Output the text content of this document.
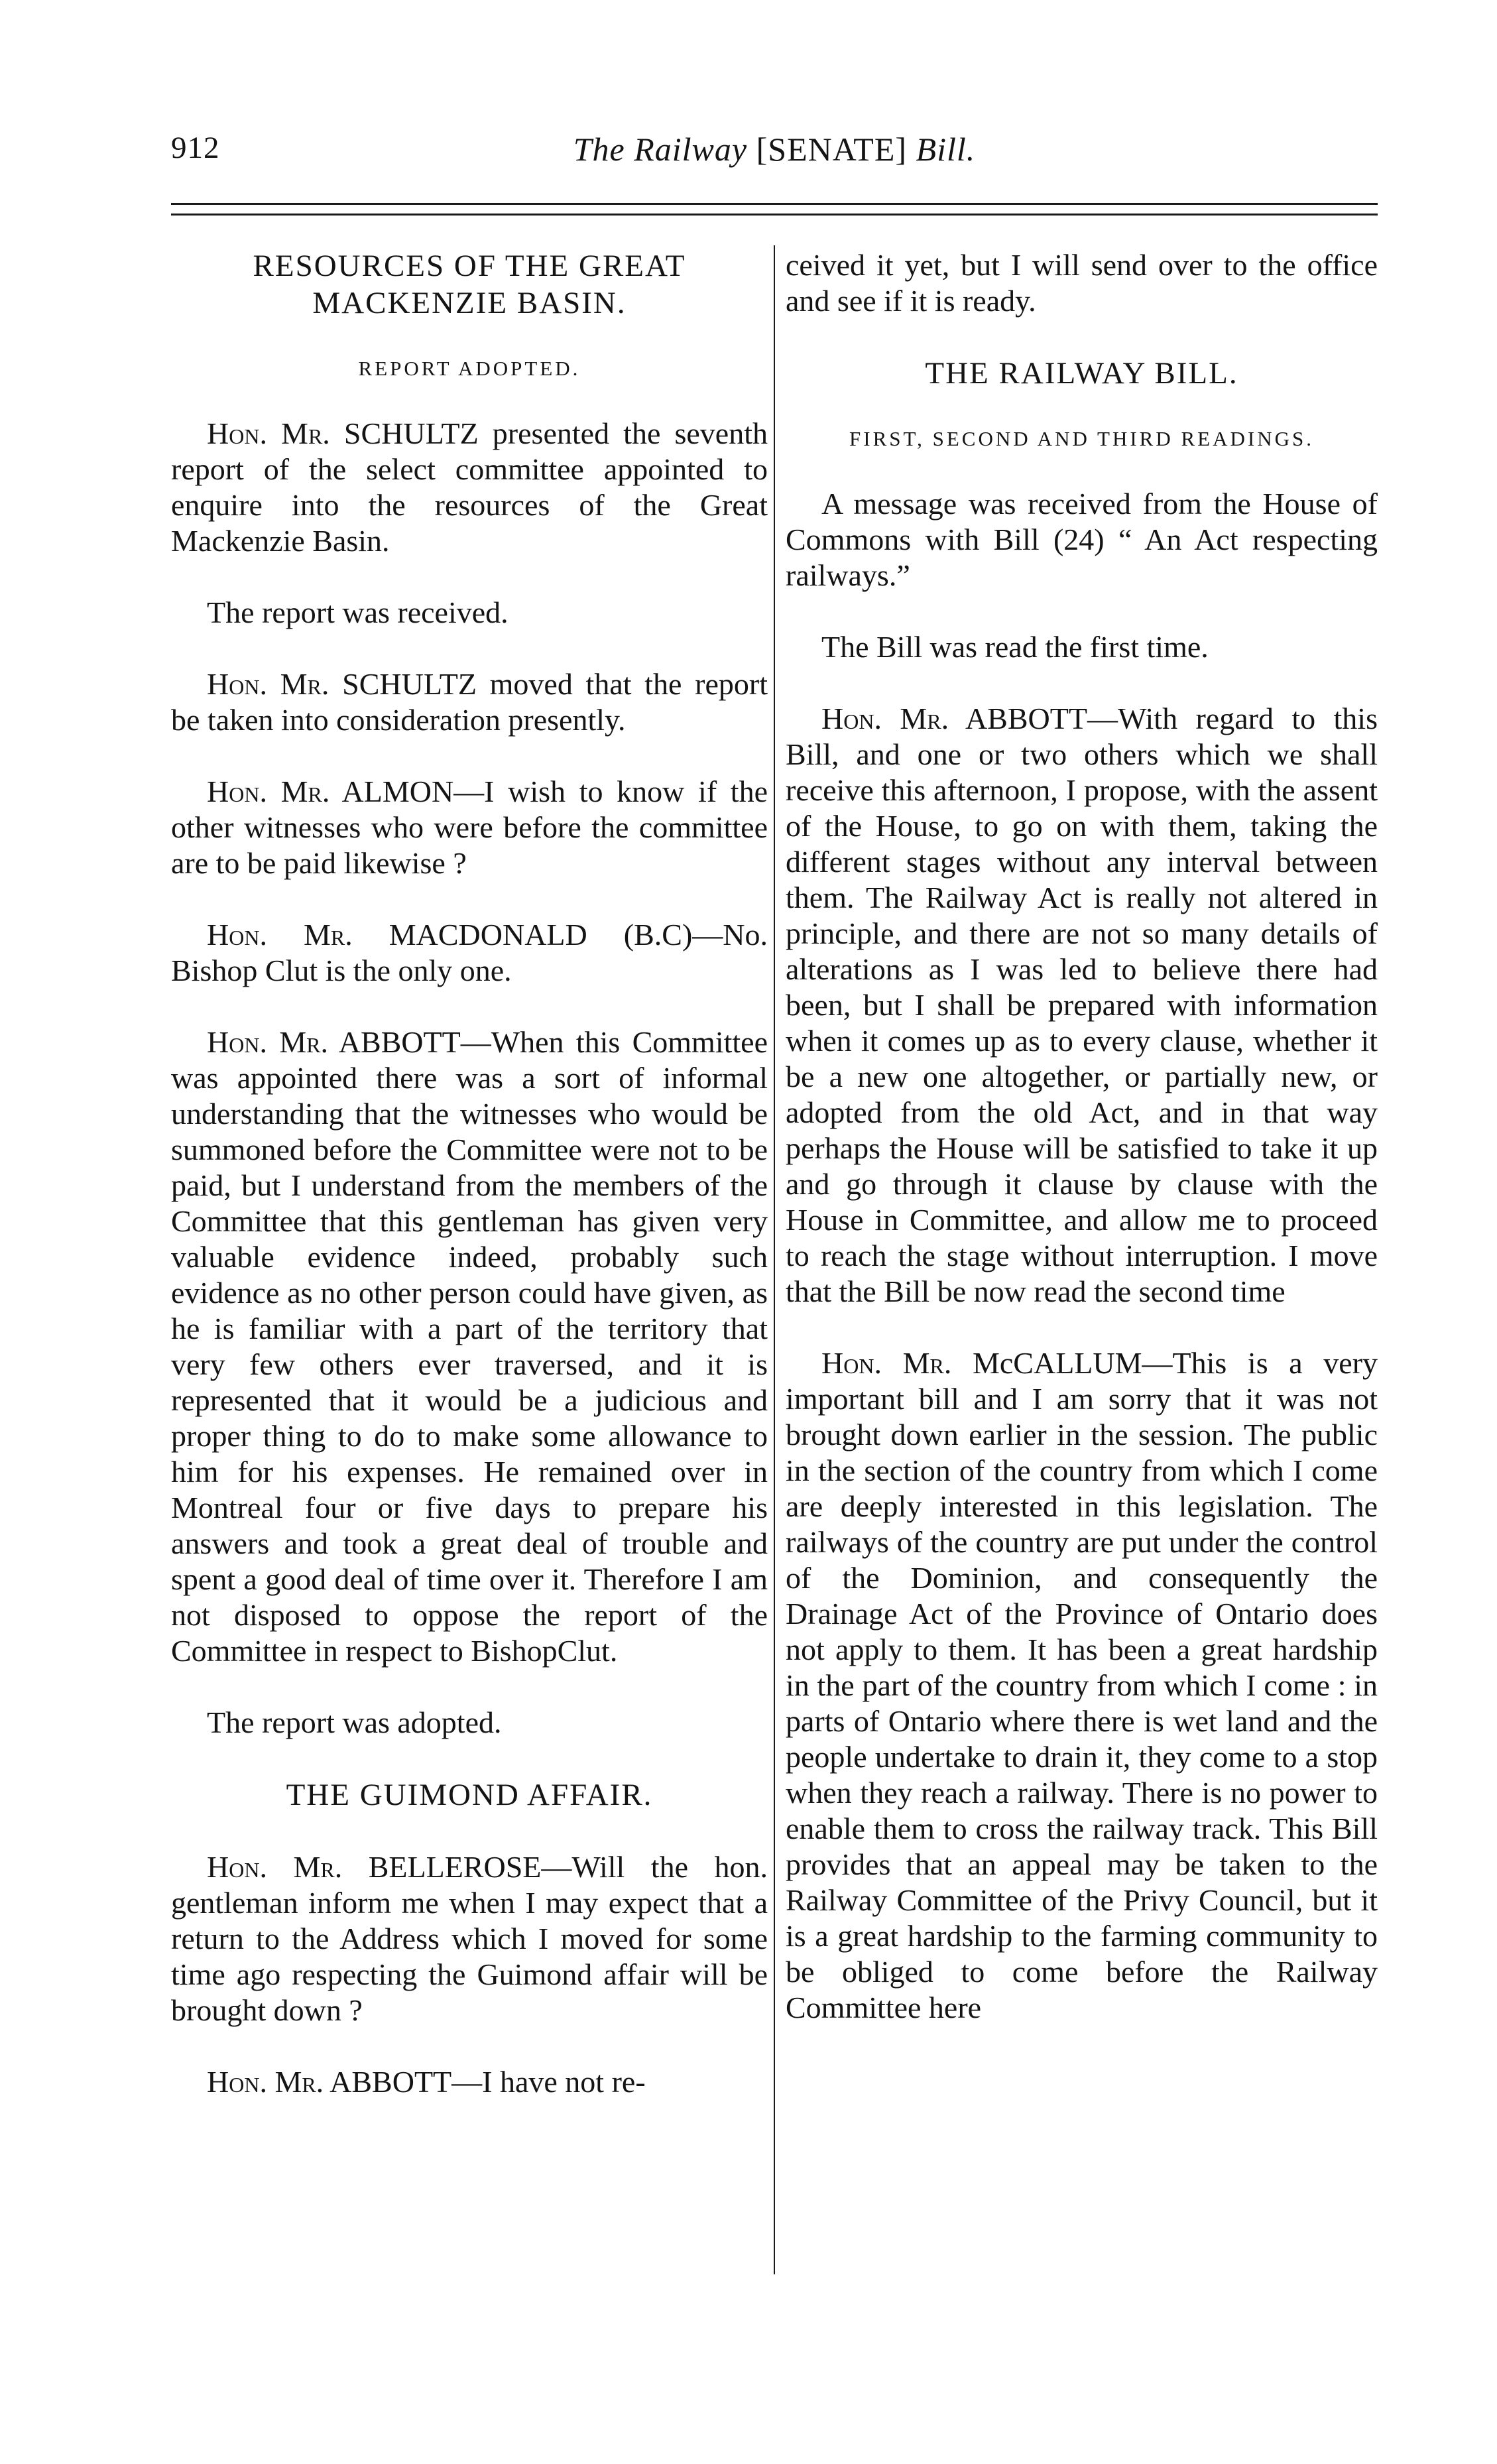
912	The Railway [SENATE] Bill.
RESOURCES OF THE GREAT
MACKENZIE BASIN.
REPORT ADOPTED.

Hon. Mr. SCHULTZ presented the seventh report of the select committee appointed to enquire into the resources of the Great Mackenzie Basin.

The report was received.

Hon. Mr. SCHULTZ moved that the report be taken into consideration presently.

Hon. Mr. ALMON—I wish to know if the other witnesses who were before the committee are to be paid likewise ?

Hon. Mr. MACDONALD (B.C)—No. Bishop Clut is the only one.

Hon. Mr. ABBOTT—When this Committee was appointed there was a sort of informal understanding that the witnesses who would be summoned before the Committee were not to be paid, but I understand from the members of the Committee that this gentleman has given very valuable evidence indeed, probably such evidence as no other person could have given, as he is familiar with a part of the territory that very few others ever traversed, and it is represented that it would be a judicious and proper thing to do to make some allowance to him for his expenses. He remained over in Montreal four or five days to prepare his answers and took a great deal of trouble and spent a good deal of time over it. Therefore I am not disposed to oppose the report of the Committee in respect to BishopClut.

The report was adopted.

THE GUIMOND AFFAIR.

Hon. Mr. BELLEROSE—Will the hon. gentleman inform me when I may expect that a return to the Address which I moved for some time ago respecting the Guimond affair will be brought down ?

Hon. Mr. ABBOTT—I have not re-

ceived it yet, but I will send over to the office and see if it is ready.

THE RAILWAY BILL.
FIRST, SECOND AND THIRD READINGS.

A message was received from the House of Commons with Bill (24) “ An Act respecting railways.”

The Bill was read the first time.

Hon. Mr. ABBOTT—With regard to this Bill, and one or two others which we shall receive this afternoon, I propose, with the assent of the House, to go on with them, taking the different stages without any interval between them. The Railway Act is really not altered in principle, and there are not so many details of alterations as I was led to believe there had been, but I shall be prepared with information when it comes up as to every clause, whether it be a new one altogether, or partially new, or adopted from the old Act, and in that way perhaps the House will be satisfied to take it up and go through it clause by clause with the House in Committee, and allow me to proceed to reach the stage without interruption. I move that the Bill be now read the second time

Hon. Mr. McCALLUM—This is a very important bill and I am sorry that it was not brought down earlier in the session. The public in the section of the country from which I come are deeply interested in this legislation. The railways of the country are put under the control of the Dominion, and consequently the Drainage Act of the Province of Ontario does not apply to them. It has been a great hardship in the part of the country from which I come : in parts of Ontario where there is wet land and the people undertake to drain it, they come to a stop when they reach a railway. There is no power to enable them to cross the railway track. This Bill provides that an appeal may be taken to the Railway Committee of the Privy Council, but it is a great hardship to the farming community to be obliged to come before the Railway Committee here
